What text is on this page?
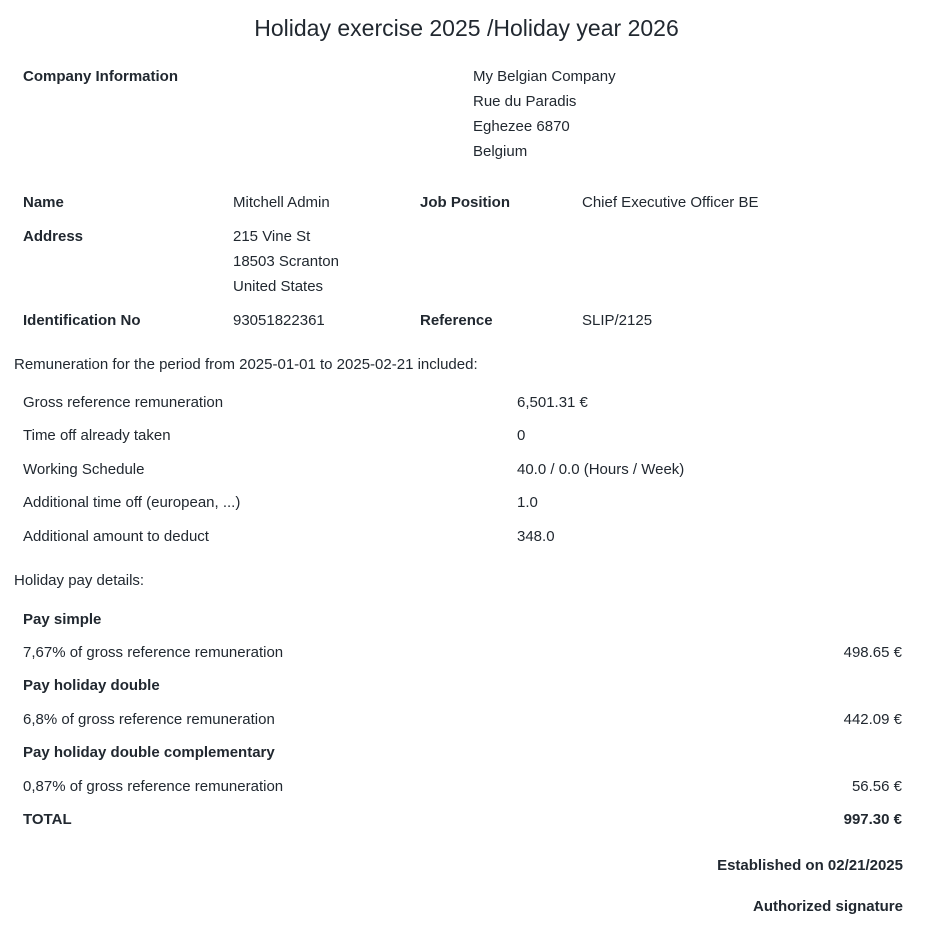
Holiday exercise 2025 /Holiday year 2026
Company Information	My Belgian Company
Rue du Paradis
Eghezee 6870
Belgium
Name	Mitchell Admin	Job Position	Chief Executive Officer BE
Address	215 Vine St
18503 Scranton
United States
Identification No	93051822361	Reference	SLIP/2125
Remuneration for the period from 2025-01-01 to 2025-02-21 included:
Gross reference remuneration	6,501.31 €
Time off already taken	0
Working Schedule	40.0 / 0.0 (Hours / Week)
Additional time off (european, ...)	1.0
Additional amount to deduct	348.0
Holiday pay details:
Pay simple
7,67% of gross reference remuneration	498.65 €
Pay holiday double
6,8% of gross reference remuneration	442.09 €
Pay holiday double complementary
0,87% of gross reference remuneration	56.56 €
TOTAL	997.30 €
Established on 02/21/2025
Authorized signature
